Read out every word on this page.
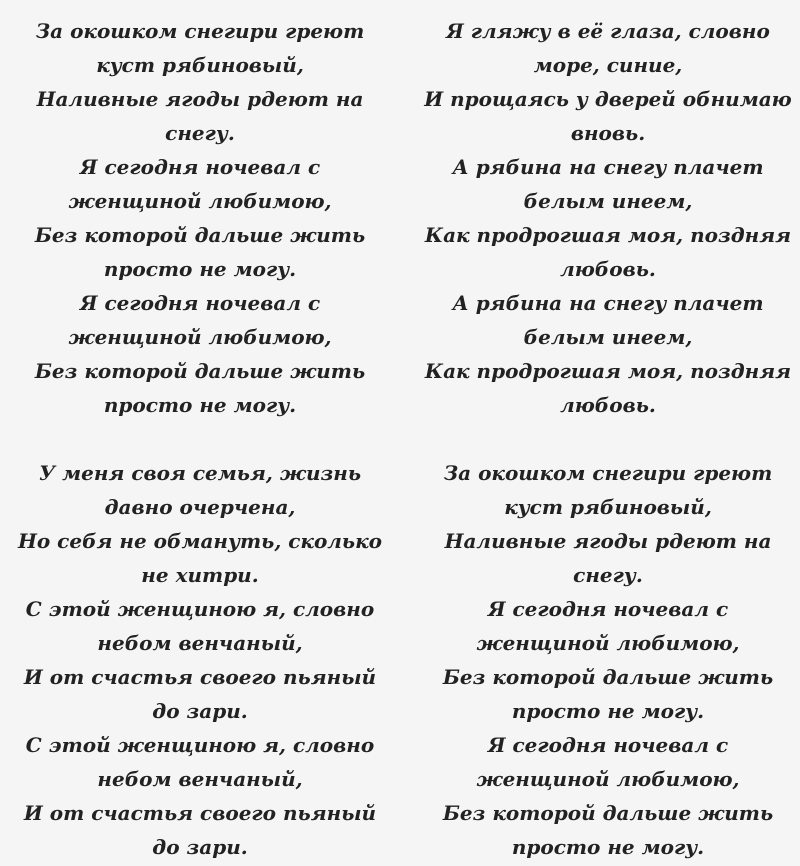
За окошком снегири греют куст рябиновый,
Наливные ягоды рдеют на снегу.
Я сегодня ночевал с женщиной любимою,
Без которой дальше жить просто не могу.
Я сегодня ночевал с женщиной любимою,
Без которой дальше жить просто не могу.

У меня своя семья, жизнь давно очерчена,
Но себя не обмануть, сколько не хитри.
С этой женщиною я, словно небом венчаный,
И от счастья своего пьяный до зари.
С этой женщиною я, словно небом венчаный,
И от счастья своего пьяный до зари.

Я гляжу в её глаза, словно море, синие,
И прощаясь у дверей обнимаю вновь.
А рябина на снегу плачет белым инеем,
Как продрогшая моя, поздняя любовь.
А рябина на снегу плачет белым инеем,
Как продрогшая моя, поздняя любовь.

За окошком снегири греют куст рябиновый,
Наливные ягоды рдеют на снегу.
Я сегодня ночевал с женщиной любимою,
Без которой дальше жить просто не могу.
Я сегодня ночевал с женщиной любимою,
Без которой дальше жить просто не могу.
